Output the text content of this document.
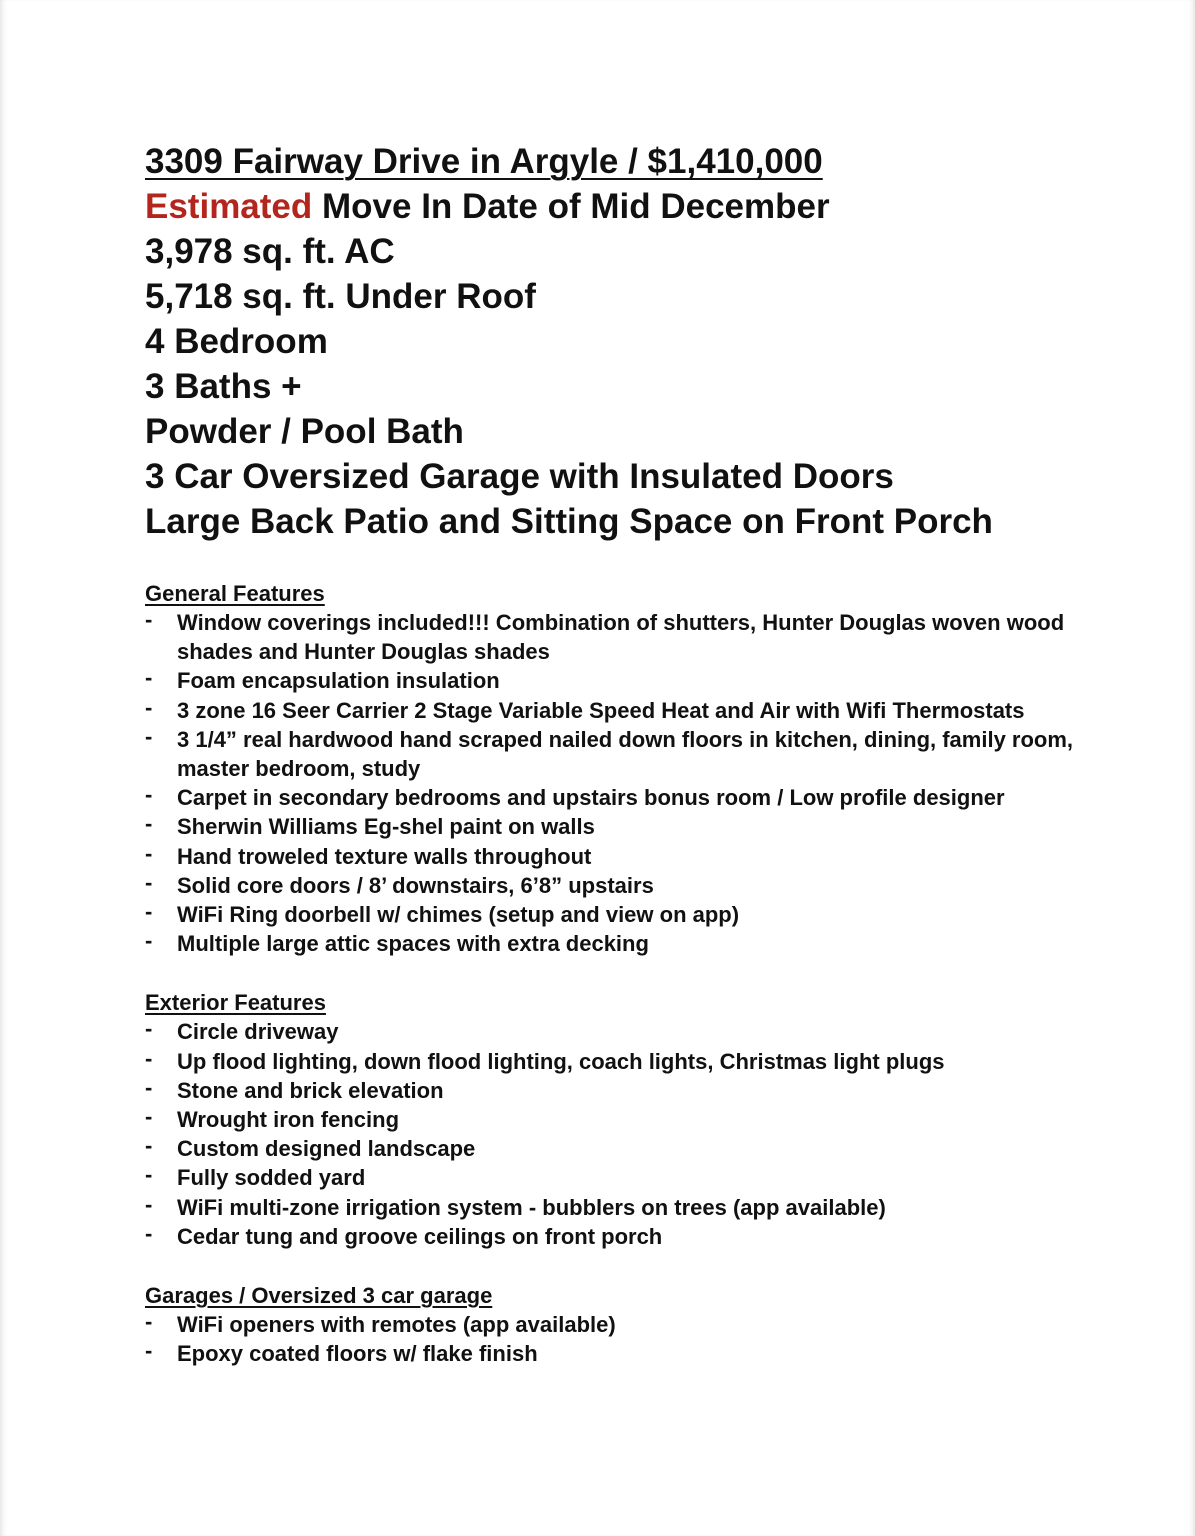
3309 Fairway Drive in Argyle / $1,410,000

Estimated Move In Date of Mid December

3,978 sq. ft. AC

5,718 sq. ft. Under Roof

4 Bedroom

3 Baths +

Powder / Pool Bath

3 Car Oversized Garage with Insulated Doors

Large Back Patio and Sitting Space on Front Porch

General Features

- Window coverings included!!! Combination of shutters, Hunter Douglas woven wood shades and Hunter Douglas shades
- Foam encapsulation insulation
- 3 zone 16 Seer Carrier 2 Stage Variable Speed Heat and Air with Wifi Thermostats
- 3 1/4” real hardwood hand scraped nailed down floors in kitchen, dining, family room, master bedroom, study
- Carpet in secondary bedrooms and upstairs bonus room / Low profile designer
- Sherwin Williams Eg-shel paint on walls
- Hand troweled texture walls throughout
- Solid core doors / 8’ downstairs, 6’8” upstairs
- WiFi Ring doorbell w/ chimes (setup and view on app)
- Multiple large attic spaces with extra decking

Exterior Features

- Circle driveway
- Up flood lighting, down flood lighting, coach lights, Christmas light plugs
- Stone and brick elevation
- Wrought iron fencing
- Custom designed landscape
- Fully sodded yard
- WiFi multi-zone irrigation system - bubblers on trees (app available)
- Cedar tung and groove ceilings on front porch

Garages / Oversized 3 car garage

- WiFi openers with remotes (app available)
- Epoxy coated floors w/ flake finish
